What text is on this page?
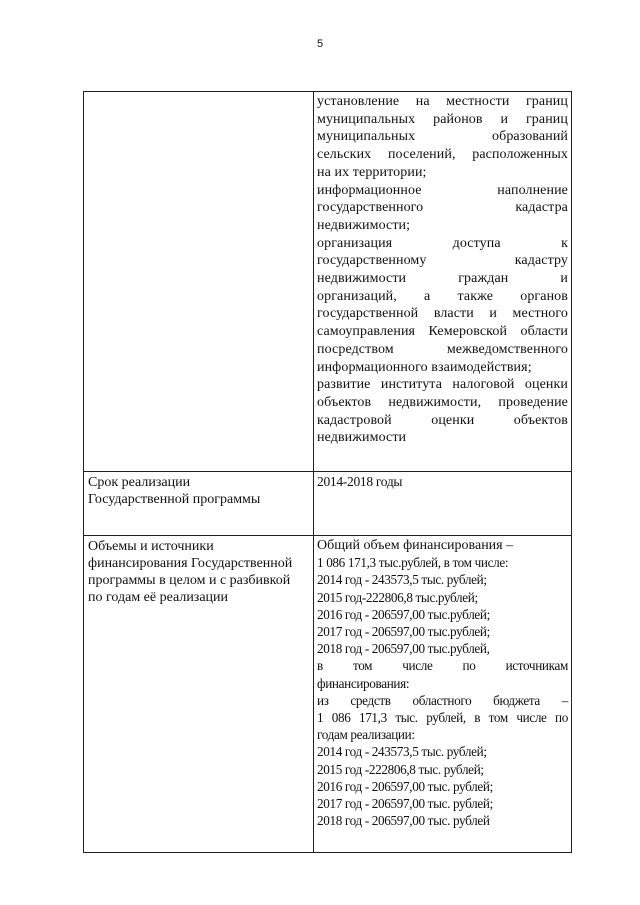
5

установление на местности границ

муниципальных районов и границ

муниципальных образований

сельских поселений, расположенных

на их территории;

информационное наполнение

государственного кадастра

недвижимости;

организация доступа к

государственному кадастру

недвижимости граждан и

организаций, а также органов

государственной власти и местного

самоуправления Кемеровской области

посредством межведомственного

информационного взаимодействия;

развитие института налоговой оценки

объектов недвижимости, проведение

кадастровой оценки объектов

недвижимости

Срок реализации
Государственной программы
2014-2018 годы
Объемы и источники
финансирования Государственной
программы в целом и с разбивкой
по годам её реализации

Общий объем финансирования –

1 086 171,3 тыс.рублей, в том числе:

2014 год - 243573,5 тыс. рублей;

2015 год-222806,8 тыс.рублей;

2016 год - 206597,00 тыс.рублей;

2017 год - 206597,00 тыс.рублей;

2018 год - 206597,00 тыс.рублей,

в том числе по источникам

финансирования:

из средств областного бюджета –

1 086 171,3 тыс. рублей, в том числе по

годам реализации:

2014 год - 243573,5 тыс. рублей;

2015 год -222806,8 тыс. рублей;

2016 год - 206597,00 тыс. рублей;

2017 год - 206597,00 тыс. рублей;

2018 год - 206597,00 тыс. рублей
